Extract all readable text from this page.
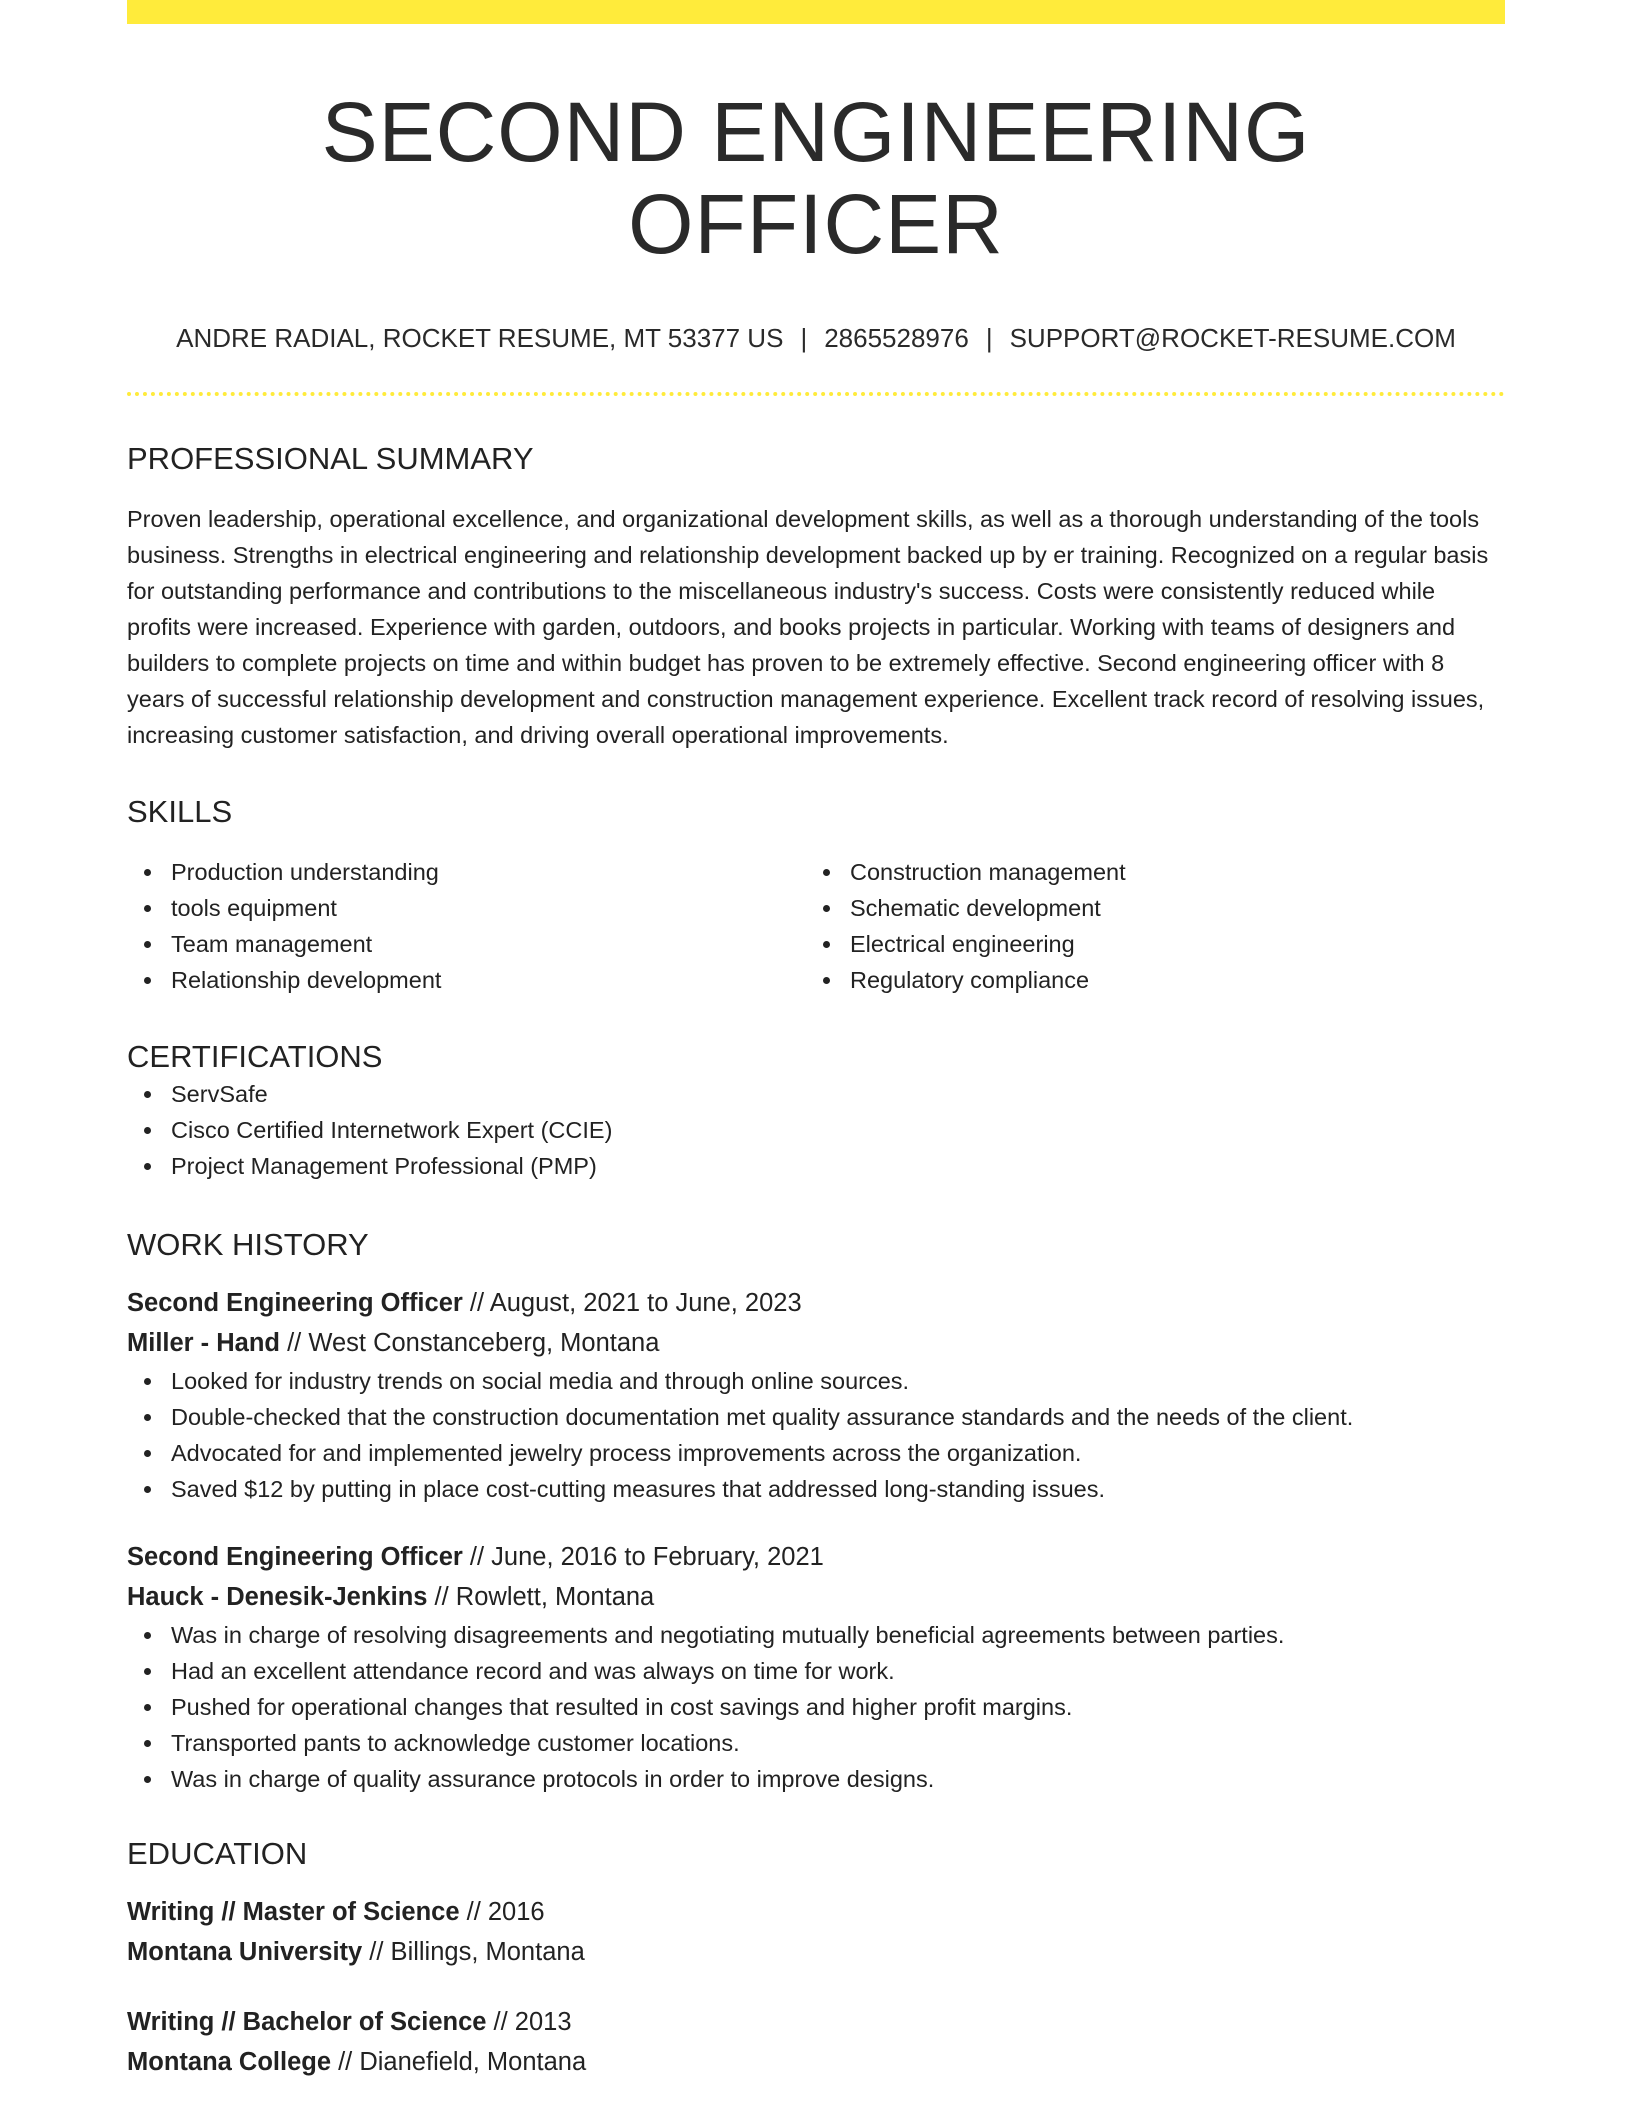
SECOND ENGINEERING OFFICER
ANDRE RADIAL, ROCKET RESUME, MT 53377 US | 2865528976 | SUPPORT@ROCKET-RESUME.COM
PROFESSIONAL SUMMARY

Proven leadership, operational excellence, and organizational development skills, as well as a thorough understanding of the tools business. Strengths in electrical engineering and relationship development backed up by er training. Recognized on a regular basis for outstanding performance and contributions to the miscellaneous industry's success. Costs were consistently reduced while profits were increased. Experience with garden, outdoors, and books projects in particular. Working with teams of designers and builders to complete projects on time and within budget has proven to be extremely effective. Second engineering officer with 8 years of successful relationship development and construction management experience. Excellent track record of resolving issues, increasing customer satisfaction, and driving overall operational improvements.

SKILLS
Production understanding
tools equipment
Team management
Relationship development
Construction management
Schematic development
Electrical engineering
Regulatory compliance
CERTIFICATIONS
ServSafe
Cisco Certified Internetwork Expert (CCIE)
Project Management Professional (PMP)
WORK HISTORY
Second Engineering Officer // August, 2021 to June, 2023
Miller - Hand // West Constanceberg, Montana
Looked for industry trends on social media and through online sources.
Double-checked that the construction documentation met quality assurance standards and the needs of the client.
Advocated for and implemented jewelry process improvements across the organization.
Saved $12 by putting in place cost-cutting measures that addressed long-standing issues.
Second Engineering Officer // June, 2016 to February, 2021
Hauck - Denesik-Jenkins // Rowlett, Montana
Was in charge of resolving disagreements and negotiating mutually beneficial agreements between parties.
Had an excellent attendance record and was always on time for work.
Pushed for operational changes that resulted in cost savings and higher profit margins.
Transported pants to acknowledge customer locations.
Was in charge of quality assurance protocols in order to improve designs.
EDUCATION
Writing // Master of Science // 2016
Montana University // Billings, Montana
Writing // Bachelor of Science // 2013
Montana College // Dianefield, Montana
